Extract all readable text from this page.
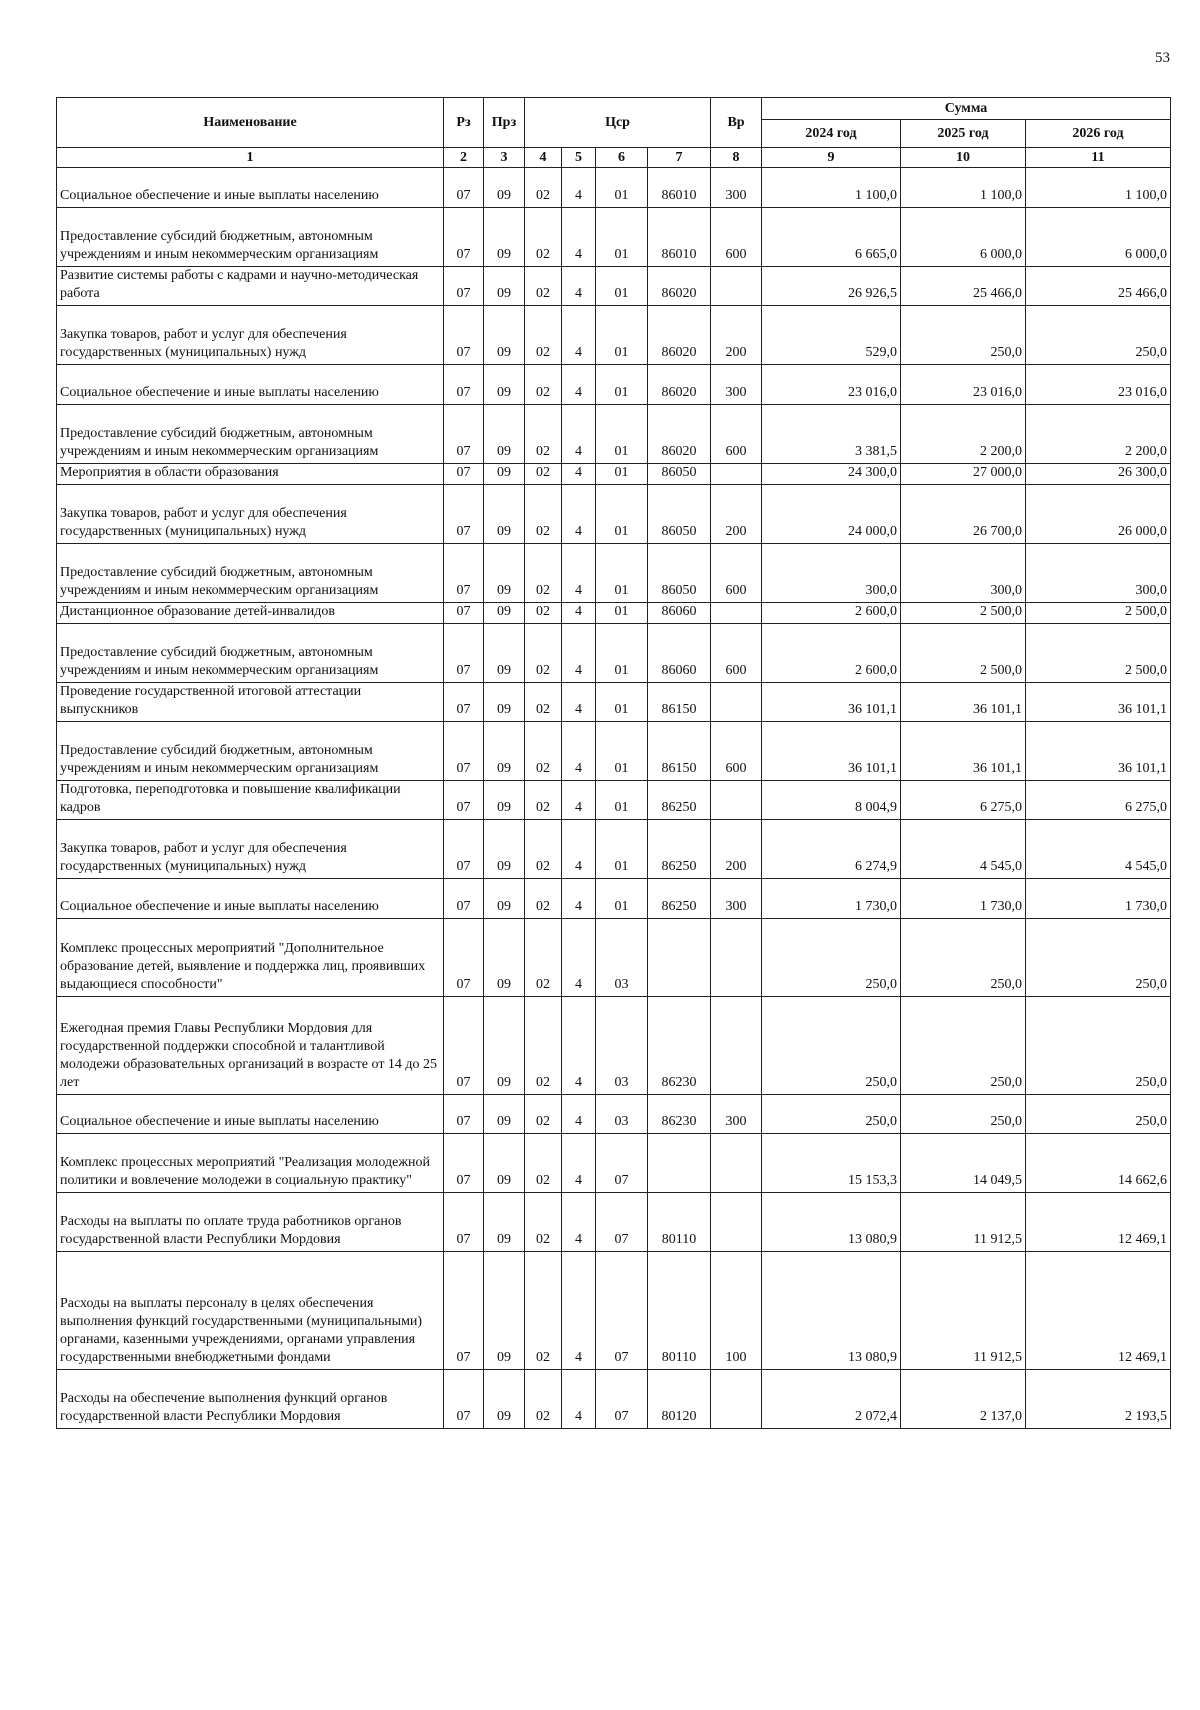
53
Наименование	Рз	Прз	Цср				Вр	Сумма		
								2024 год	2025 год	2026 год
1	2	3	4	5	6	7	8	9	10	11
Социальное обеспечение и иные выплаты населению	07	09	02	4	01	86010	300	1 100,0	1 100,0	1 100,0
Предоставление субсидий бюджетным, автономным учреждениям и иным некоммерческим организациям	07	09	02	4	01	86010	600	6 665,0	6 000,0	6 000,0
Развитие системы работы с кадрами и научно-методическая работа	07	09	02	4	01	86020		26 926,5	25 466,0	25 466,0
Закупка товаров, работ и услуг для обеспечения государственных (муниципальных) нужд	07	09	02	4	01	86020	200	529,0	250,0	250,0
Социальное обеспечение и иные выплаты населению	07	09	02	4	01	86020	300	23 016,0	23 016,0	23 016,0
Предоставление субсидий бюджетным, автономным учреждениям и иным некоммерческим организациям	07	09	02	4	01	86020	600	3 381,5	2 200,0	2 200,0
Мероприятия в области образования	07	09	02	4	01	86050		24 300,0	27 000,0	26 300,0
Закупка товаров, работ и услуг для обеспечения государственных (муниципальных) нужд	07	09	02	4	01	86050	200	24 000,0	26 700,0	26 000,0
Предоставление субсидий бюджетным, автономным учреждениям и иным некоммерческим организациям	07	09	02	4	01	86050	600	300,0	300,0	300,0
Дистанционное образование детей-инвалидов	07	09	02	4	01	86060		2 600,0	2 500,0	2 500,0
Предоставление субсидий бюджетным, автономным учреждениям и иным некоммерческим организациям	07	09	02	4	01	86060	600	2 600,0	2 500,0	2 500,0
Проведение государственной итоговой аттестации выпускников	07	09	02	4	01	86150		36 101,1	36 101,1	36 101,1
Предоставление субсидий бюджетным, автономным учреждениям и иным некоммерческим организациям	07	09	02	4	01	86150	600	36 101,1	36 101,1	36 101,1
Подготовка, переподготовка и повышение квалификации кадров	07	09	02	4	01	86250		8 004,9	6 275,0	6 275,0
Закупка товаров, работ и услуг для обеспечения государственных (муниципальных) нужд	07	09	02	4	01	86250	200	6 274,9	4 545,0	4 545,0
Социальное обеспечение и иные выплаты населению	07	09	02	4	01	86250	300	1 730,0	1 730,0	1 730,0
Комплекс процессных мероприятий "Дополнительное образование детей, выявление и поддержка лиц, проявивших выдающиеся способности"	07	09	02	4	03			250,0	250,0	250,0
Ежегодная премия Главы Республики Мордовия для государственной поддержки способной и талантливой молодежи образовательных организаций в возрасте от 14 до 25 лет	07	09	02	4	03	86230		250,0	250,0	250,0
Социальное обеспечение и иные выплаты населению	07	09	02	4	03	86230	300	250,0	250,0	250,0
Комплекс процессных мероприятий "Реализация молодежной политики и вовлечение молодежи в социальную практику"	07	09	02	4	07			15 153,3	14 049,5	14 662,6
Расходы на выплаты по оплате труда работников органов государственной власти Республики Мордовия	07	09	02	4	07	80110		13 080,9	11 912,5	12 469,1
Расходы на выплаты персоналу в целях обеспечения выполнения функций государственными (муниципальными) органами, казенными учреждениями, органами управления государственными внебюджетными фондами	07	09	02	4	07	80110	100	13 080,9	11 912,5	12 469,1
Расходы на обеспечение выполнения функций органов государственной власти Республики Мордовия	07	09	02	4	07	80120		2 072,4	2 137,0	2 193,5
